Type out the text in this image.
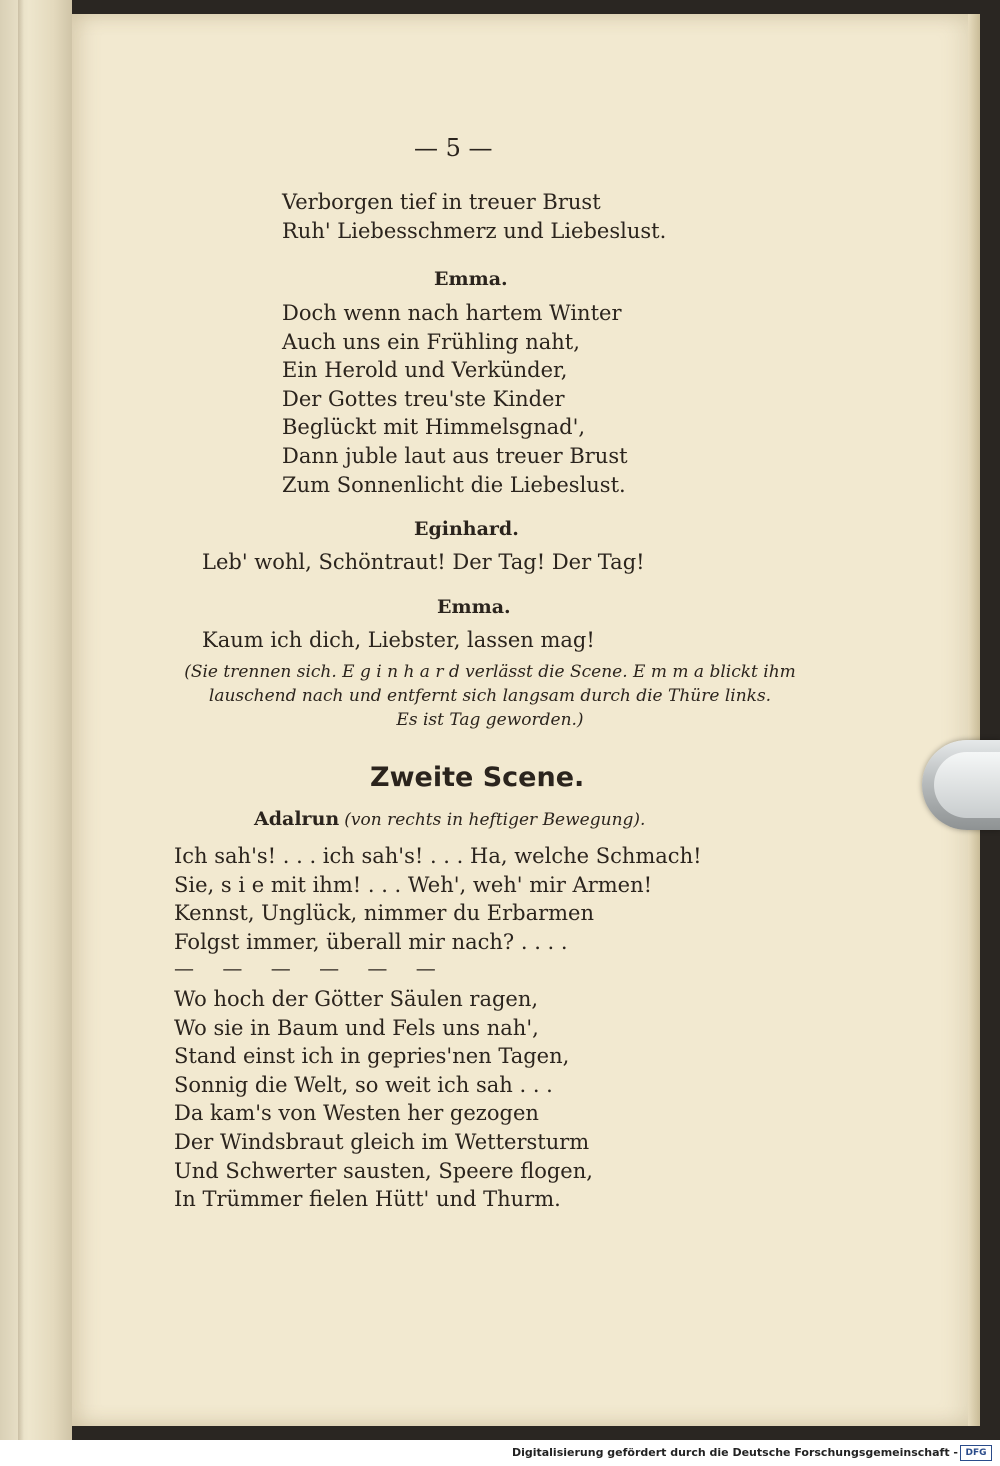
— 5 —
Verborgen tief in treuer Brust
Ruh' Liebesschmerz und Liebeslust.
Emma.
Doch wenn nach hartem Winter
Auch uns ein Frühling naht,
Ein Herold und Verkünder,
Der Gottes treu'ste Kinder
Beglückt mit Himmelsgnad',
Dann juble laut aus treuer Brust
Zum Sonnenlicht die Liebeslust.
Eginhard.
Leb' wohl, Schöntraut! Der Tag! Der Tag!
Emma.
Kaum ich dich, Liebster, lassen mag!
(Sie trennen sich. E g i n h a r d verlässt die Scene. E m m a blickt ihm
lauschend nach und entfernt sich langsam durch die Thüre links.
Es ist Tag geworden.)
Zweite Scene.
Adalrun (von rechts in heftiger Bewegung).
Ich sah's! . . . ich sah's! . . . Ha, welche Schmach!
Sie, s i e mit ihm! . . . Weh', weh' mir Armen!
Kennst, Unglück, nimmer du Erbarmen
Folgst immer, überall mir nach? . . . .
— — — — — —
Wo hoch der Götter Säulen ragen,
Wo sie in Baum und Fels uns nah',
Stand einst ich in gepries'nen Tagen,
Sonnig die Welt, so weit ich sah . . .
Da kam's von Westen her gezogen
Der Windsbraut gleich im Wettersturm
Und Schwerter sausten, Speere flogen,
In Trümmer fielen Hütt' und Thurm.
Digitalisierung gefördert durch die Deutsche Forschungsgemeinschaft - DFG
